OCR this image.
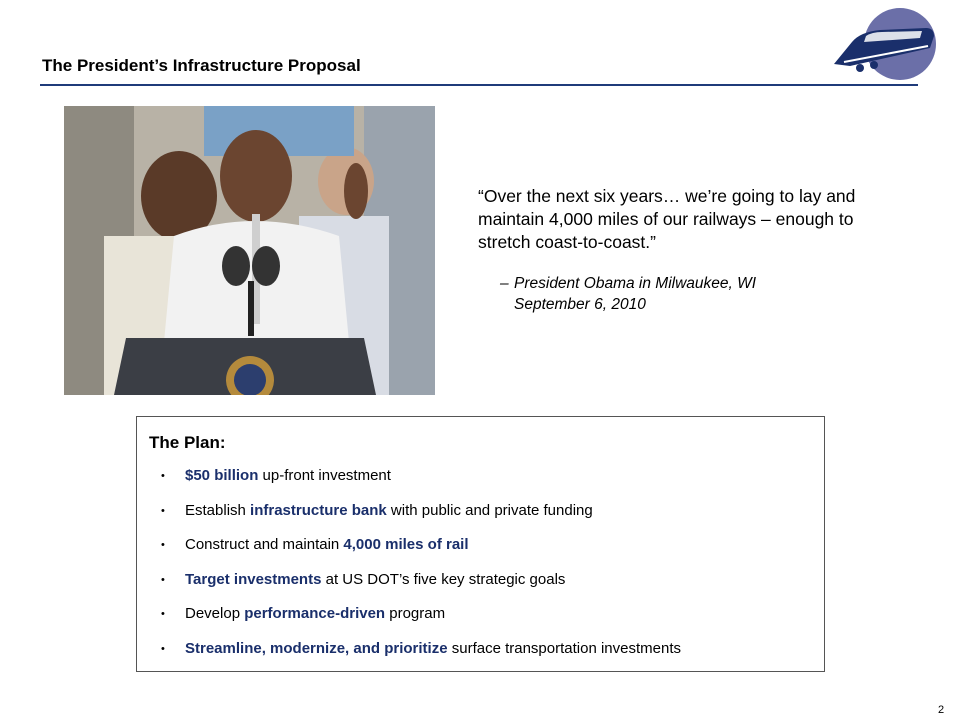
The President’s Infrastructure Proposal
“Over the next six years… we’re going to lay and maintain 4,000 miles of our railways – enough to stretch coast-to-coast.”
– President Obama in Milwaukee, WI
September 6, 2010
The Plan:
• $50 billion up-front investment
• Establish infrastructure bank with public and private funding
• Construct and maintain 4,000 miles of rail
• Target investments at US DOT’s five key strategic goals
• Develop performance-driven program
• Streamline, modernize, and prioritize surface transportation investments
2
